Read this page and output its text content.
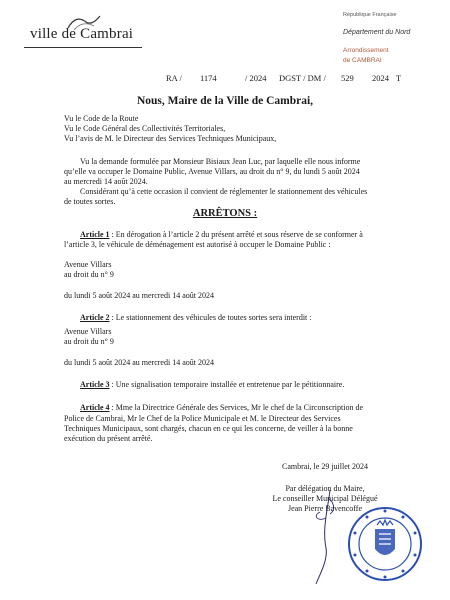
ville de Cambrai
République Française
Département du Nord
Arrondissement
de CAMBRAI
RA / 1174	/ 2024 DGST / DM / 529 2024 T
Nous, Maire de la Ville de Cambrai,
Vu le Code de la Route
Vu le Code Général des Collectivités Territoriales,
Vu l’avis de M. le Directeur des Services Techniques Municipaux,
Vu la demande formulée par Monsieur Bisiaux Jean Luc, par laquelle elle nous informe
qu’elle va occuper le Domaine Public, Avenue Villars, au droit du n° 9, du lundi 5 août 2024
au mercredi 14 août 2024.
Considérant qu’à cette occasion il convient de réglementer le stationnement des véhicules
de toutes sortes.
ARRÊTONS :
Article 1 : En dérogation à l’article 2 du présent arrêté et sous réserve de se conformer à
l’article 3, le véhicule de déménagement est autorisé à occuper le Domaine Public :
Avenue Villars
au droit du n° 9
du lundi 5 août 2024 au mercredi 14 août 2024
Article 2 : Le stationnement des véhicules de toutes sortes sera interdit :
Avenue Villars
au droit du n° 9
du lundi 5 août 2024 au mercredi 14 août 2024
Article 3 : Une signalisation temporaire installée et entretenue par le pétitionnaire.
Article 4 : Mme la Directrice Générale des Services, Mr le chef de la Circonscription de
Police de Cambrai, Mr le Chef de la Police Municipale et M. le Directeur des Services
Techniques Municipaux, sont chargés, chacun en ce qui les concerne, de veiller à la bonne
exécution du présent arrêté.
Cambrai, le 29 juillet 2024
Par délégation du Maire,
Le conseiller Municipal Délégué
Jean Pierre Bavencoffe
